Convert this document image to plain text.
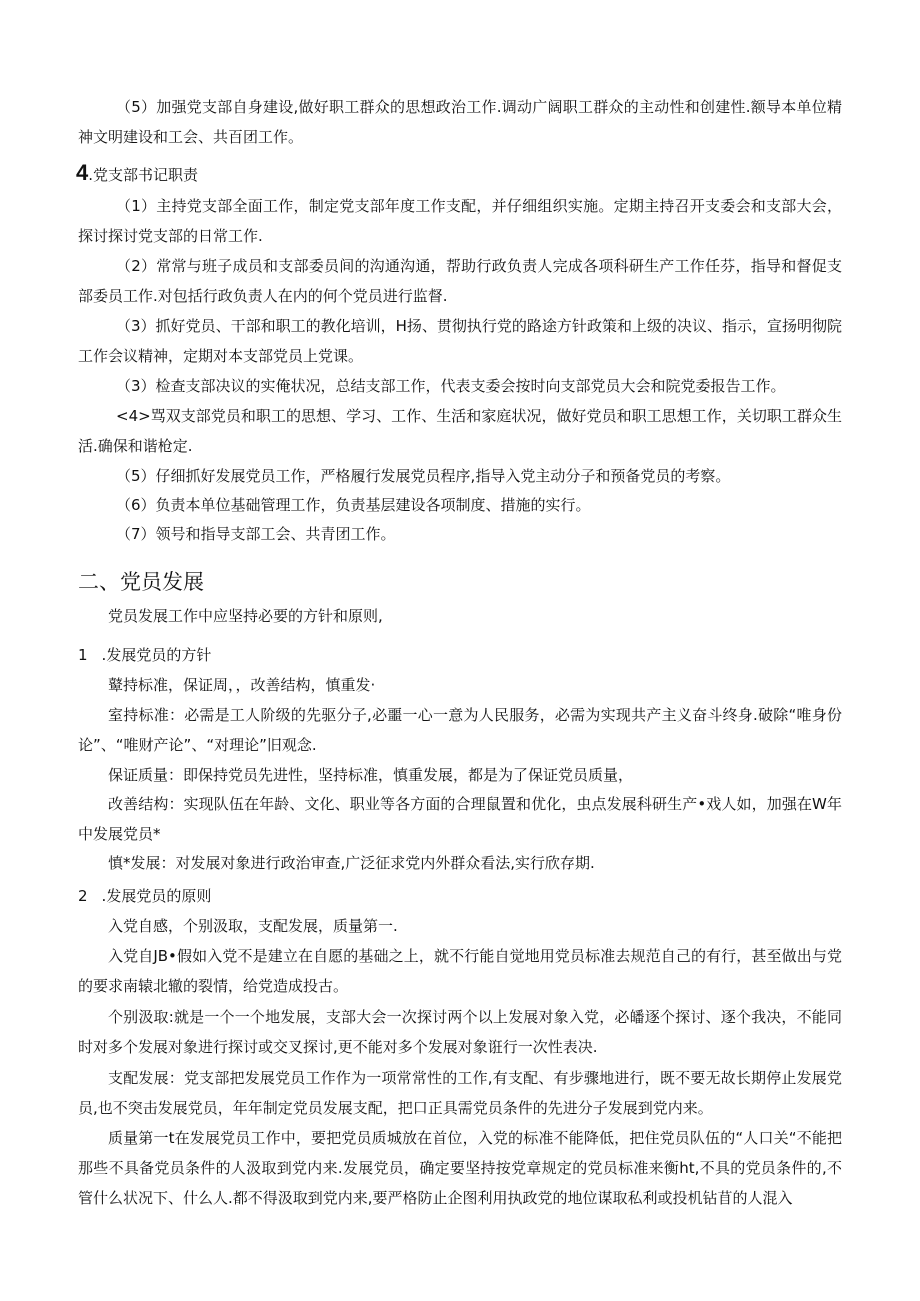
（5）加强党支部自身建设,做好职工群众的思想政治工作.调动广阔职工群众的主动性和创建性.额导本单位精神文明建设和工会、共百团工作。
4.党支部书记职责
（1）主持党支部全面工作，制定党支部年度工作支配，并仔细组织实施。定期主持召开支委会和支部大会，探讨探讨党支部的日常工作.
（2）常常与班子成员和支部委员间的沟通沟通，帮助行政负责人完成各项科研生产工作任芬，指导和督促支部委员工作.对包括行政负责人在内的何个党员进行监督.
（3）抓好党员、干部和职工的教化培训，H扬、贯彻执行党的路途方针政策和上级的决议、指示，宣扬明彻院工作会议精神，定期对本支部党员上党课。
（3）检查支部决议的实俺状况，总结支部工作，代表支委会按时向支部党员大会和院党委报告工作。
<4>骂双支部党员和职工的思想、学习、工作、生活和家庭状况，做好党员和职工思想工作，关切职工群众生活.确保和谐枪定.
（5）仔细抓好发展党员工作，严格履行发展党员程序,指导入党主动分子和预备党员的考察。
（6）负责本单位基础管理工作，负责基层建设各项制度、措施的实行。
（7）领号和指导支部工会、共青团工作。
二、党员发展
党员发展工作中应坚持必要的方针和原则,
1 .发展党员的方针
鼙持标准，保证周，，改善结构，慎重发·
室持标准：必需是工人阶级的先驱分子,必噩一心一意为人民服务，必需为实现共产主义奋斗终身.破除“唯身份论”、“唯财产论”、“对理论”旧观念.
保证质量：即保持党员先进性，坚持标准，慎重发展，都是为了保证党员质量，
改善结构：实现队伍在年龄、文化、职业等各方面的合理鼠置和优化，虫点发展科研生产•戏人如，加强在W年中发展党员*
慎*发展：对发展对象进行政治审查,广泛征求党内外群众看法,实行欣存期.
2 .发展党员的原则
入党自感，个别汲取，支配发展，质量第一.
入党自JB•假如入党不是建立在自愿的基础之上，就不行能自觉地用党员标准去规范自己的有行，甚至做出与党的要求南辕北辙的裂情，给党造成投古。
个别汲取:就是一个一个地发展，支部大会一次探讨两个以上发展对象入党，必皤逐个探讨、逐个我决，不能同时对多个发展对象进行探讨或交叉探讨,更不能对多个发展对象诳行一次性表决.
支配发展：党支部把发展党员工作作为一项常常性的工作,有支配、有步骤地进行，既不要无故长期停止发展党员,也不突击发展党员，年年制定党员发展支配，把口正具需党员条件的先进分子发展到党内来。
质量第一t在发展党员工作中，要把党员质城放在首位，入党的标准不能降低，把住党员队伍的“人口关“不能把那些不具备党员条件的人汲取到党内来.发展党员，确定要坚持按党章规定的党员标准来衡ht,不具的党员条件的,不管什么状况下、什么人.都不得汲取到党内来,要严格防止企图利用执政党的地位谋取私利或投机钻苜的人混入
